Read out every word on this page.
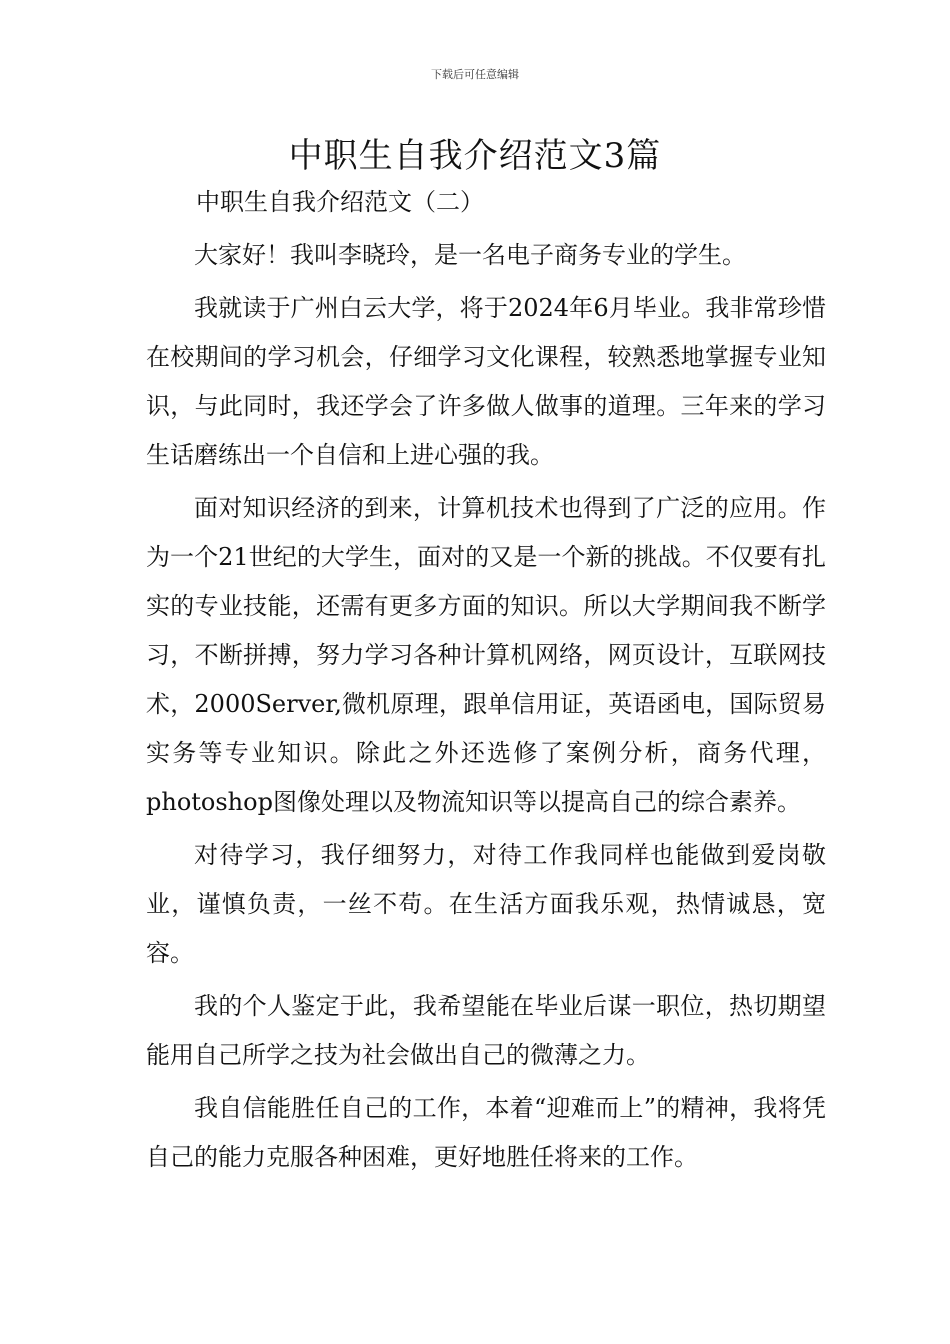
下载后可任意编辑
中职生自我介绍范文3篇

中职生自我介绍范文（二）

大家好！我叫李晓玲，是一名电子商务专业的学生。

我就读于广州白云大学，将于2024年6月毕业。我非常珍惜在校期间的学习机会，仔细学习文化课程，较熟悉地掌握专业知识，与此同时，我还学会了许多做人做事的道理。三年来的学习生话磨练出一个自信和上进心强的我。

面对知识经济的到来，计算机技术也得到了广泛的应用。作为一个21世纪的大学生，面对的又是一个新的挑战。不仅要有扎实的专业技能，还需有更多方面的知识。所以大学期间我不断学习，不断拼搏，努力学习各种计算机网络，网页设计，互联网技术，2000Server,微机原理，跟单信用证，英语函电，国际贸易实务等专业知识。除此之外还选修了案例分析，商务代理，photoshop图像处理以及物流知识等以提高自己的综合素养。

对待学习，我仔细努力，对待工作我同样也能做到爱岗敬业，谨慎负责，一丝不苟。在生活方面我乐观，热情诚恳，宽容。

我的个人鉴定于此，我希望能在毕业后谋一职位，热切期望能用自己所学之技为社会做出自己的微薄之力。

我自信能胜任自己的工作，本着“迎难而上”的精神，我将凭自己的能力克服各种困难，更好地胜任将来的工作。
